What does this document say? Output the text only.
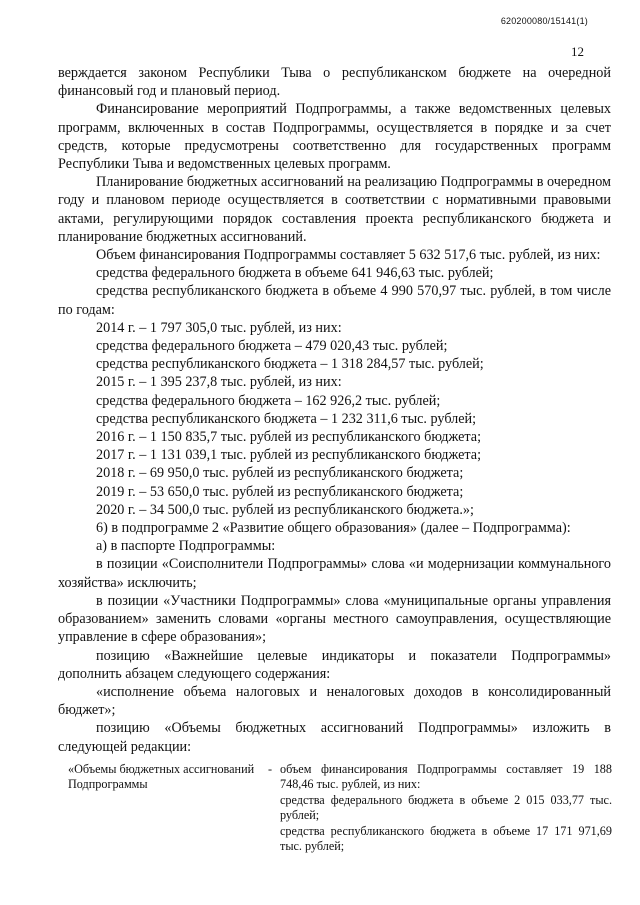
620200080/15141(1)
12

верждается законом Республики Тыва о республиканском бюджете на очередной финансовый год и плановый период.

Финансирование мероприятий Подпрограммы, а также ведомственных целевых программ, включенных в состав Подпрограммы, осуществляется в порядке и за счет средств, которые предусмотрены соответственно для государственных программ Республики Тыва и ведомственных целевых программ.

Планирование бюджетных ассигнований на реализацию Подпрограммы в очередном году и плановом периоде осуществляется в соответствии с нормативными правовыми актами, регулирующими порядок составления проекта республиканского бюджета и планирование бюджетных ассигнований.

Объем финансирования Подпрограммы составляет 5 632 517,6 тыс. рублей, из них:

средства федерального бюджета в объеме 641 946,63 тыс. рублей;

средства республиканского бюджета в объеме 4 990 570,97 тыс. рублей, в том числе по годам:

2014 г. – 1 797 305,0 тыс. рублей, из них:

средства федерального бюджета – 479 020,43 тыс. рублей;

средства республиканского бюджета – 1 318 284,57 тыс. рублей;

2015 г. – 1 395 237,8 тыс. рублей, из них:

средства федерального бюджета – 162 926,2 тыс. рублей;

средства республиканского бюджета – 1 232 311,6 тыс. рублей;

2016 г. – 1 150 835,7 тыс. рублей из республиканского бюджета;

2017 г. – 1 131 039,1 тыс. рублей из республиканского бюджета;

2018 г. – 69 950,0 тыс. рублей из республиканского бюджета;

2019 г. – 53 650,0 тыс. рублей из республиканского бюджета;

2020 г. – 34 500,0 тыс. рублей из республиканского бюджета.»;

6) в подпрограмме 2 «Развитие общего образования» (далее – Подпрограмма):

а) в паспорте Подпрограммы:

в позиции «Соисполнители Подпрограммы» слова «и модернизации коммунального хозяйства» исключить;

в позиции «Участники Подпрограммы» слова «муниципальные органы управления образованием» заменить словами «органы местного самоуправления, осуществляющие управление в сфере образования»;

позицию «Важнейшие целевые индикаторы и показатели Подпрограммы» дополнить абзацем следующего содержания:

«исполнение объема налоговых и неналоговых доходов в консолидированный бюджет»;

позицию «Объемы бюджетных ассигнований Подпрограммы» изложить в следующей редакции:

«Объемы бюджетных ассигнований Подпрограммы
- объем финансирования Подпрограммы составляет 19 188 748,46 тыс. рублей, из них:

средства федерального бюджета в объеме 2 015 033,77 тыс. рублей;

средства республиканского бюджета в объеме 17 171 971,69 тыс. рублей;
